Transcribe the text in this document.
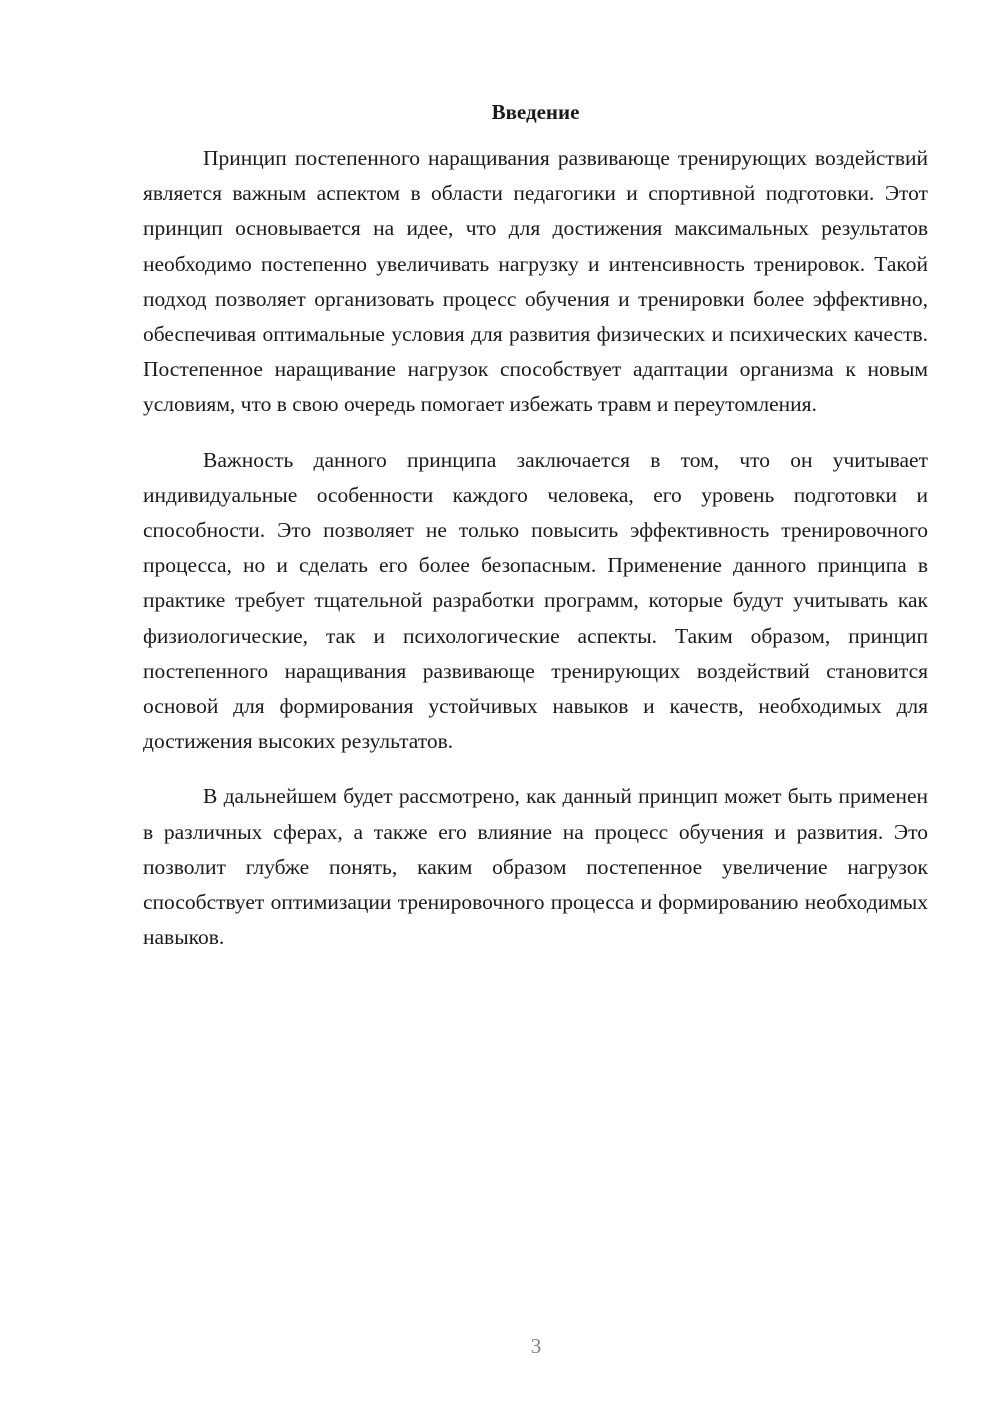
Введение

Принцип постепенного наращивания развивающе тренирующих воздействий является важным аспектом в области педагогики и спортивной подготовки. Этот принцип основывается на идее, что для достижения максимальных результатов необходимо постепенно увеличивать нагрузку и интенсивность тренировок. Такой подход позволяет организовать процесс обучения и тренировки более эффективно, обеспечивая оптимальные условия для развития физических и психических качеств. Постепенное наращивание нагрузок способствует адаптации организма к новым условиям, что в свою очередь помогает избежать травм и переутомления.

Важность данного принципа заключается в том, что он учитывает индивидуальные особенности каждого человека, его уровень подготовки и способности. Это позволяет не только повысить эффективность тренировочного процесса, но и сделать его более безопасным. Применение данного принципа в практике требует тщательной разработки программ, которые будут учитывать как физиологические, так и психологические аспекты. Таким образом, принцип постепенного наращивания развивающе тренирующих воздействий становится основой для формирования устойчивых навыков и качеств, необходимых для достижения высоких результатов.

В дальнейшем будет рассмотрено, как данный принцип может быть применен в различных сферах, а также его влияние на процесс обучения и развития. Это позволит глубже понять, каким образом постепенное увеличение нагрузок способствует оптимизации тренировочного процесса и формированию необходимых навыков.

3
